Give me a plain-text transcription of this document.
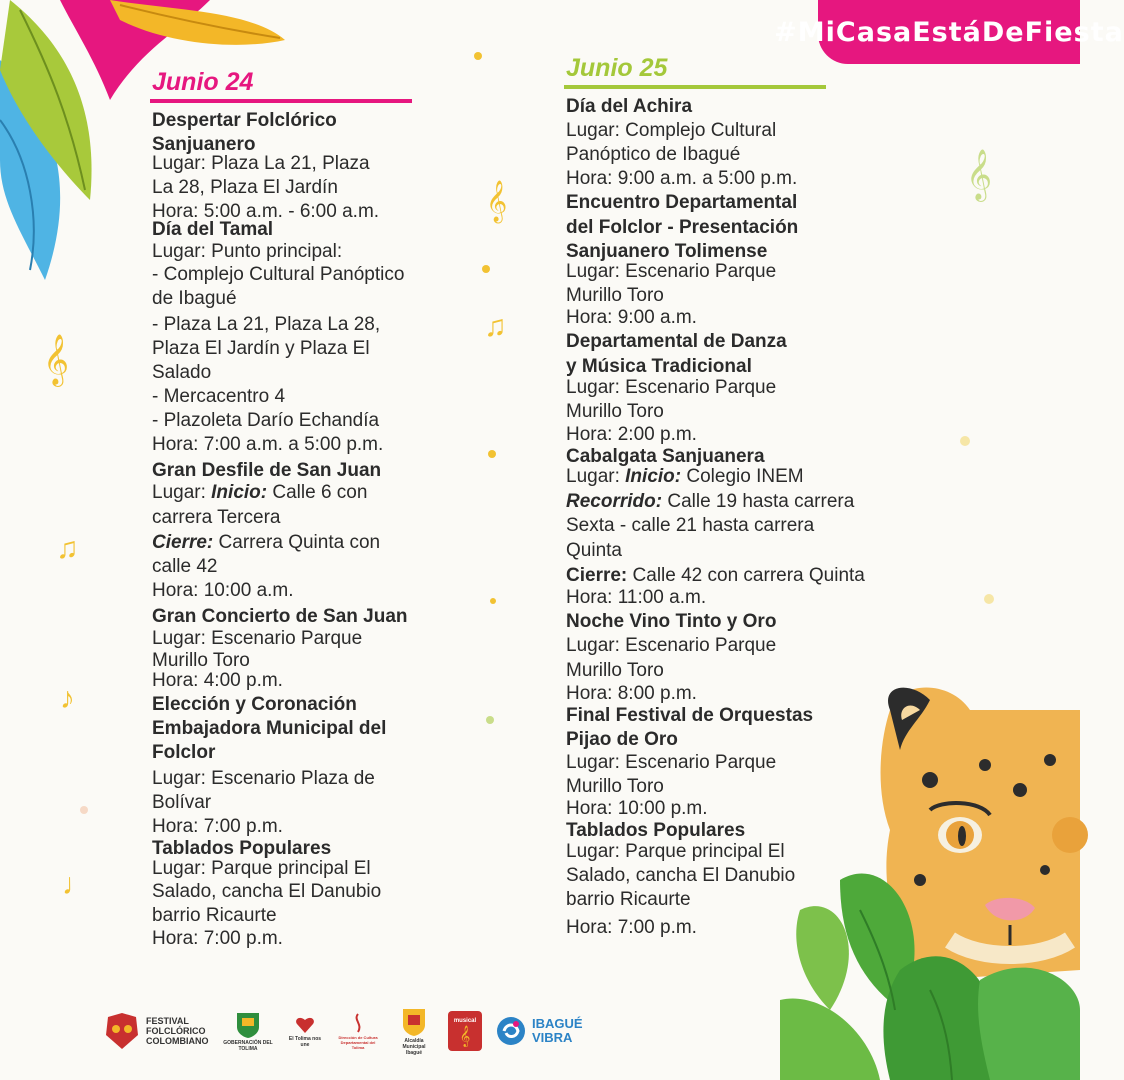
#MiCasaEstáDeFiesta
Junio 24
Despertar Folclórico
Sanjuanero
Lugar: Plaza La 21, Plaza
La 28, Plaza El Jardín
Hora: 5:00 a.m. - 6:00 a.m.
Día del Tamal
Lugar: Punto principal:
- Complejo Cultural Panóptico
de Ibagué
- Plaza La 21, Plaza La 28,
Plaza El Jardín y Plaza El
Salado
- Mercacentro 4
- Plazoleta Darío Echandía
Hora: 7:00 a.m. a 5:00 p.m.
Gran Desfile de San Juan
Lugar: Inicio: Calle 6 con
carrera Tercera
Cierre: Carrera Quinta con
calle 42
Hora: 10:00 a.m.
Gran Concierto de San Juan
Lugar: Escenario Parque
Murillo Toro
Hora: 4:00 p.m.
Elección y Coronación
Embajadora Municipal del
Folclor
Lugar: Escenario Plaza de
Bolívar
Hora: 7:00 p.m.
Tablados Populares
Lugar: Parque principal El
Salado, cancha El Danubio
barrio Ricaurte
Hora: 7:00 p.m.
Junio 25
Día del Achira
Lugar: Complejo Cultural
Panóptico de Ibagué
Hora: 9:00 a.m. a 5:00 p.m.
Encuentro Departamental
del Folclor - Presentación
Sanjuanero Tolimense
Lugar: Escenario Parque
Murillo Toro
Hora: 9:00 a.m.
Departamental de Danza
y Música Tradicional
Lugar: Escenario Parque
Murillo Toro
Hora: 2:00 p.m.
Cabalgata Sanjuanera
Lugar: Inicio: Colegio INEM
Recorrido: Calle 19 hasta carrera
Sexta - calle 21 hasta carrera
Quinta
Cierre: Calle 42 con carrera Quinta
Hora: 11:00 a.m.
Noche Vino Tinto y Oro
Lugar: Escenario Parque
Murillo Toro
Hora: 8:00 p.m.
Final Festival de Orquestas
Pijao de Oro
Lugar: Escenario Parque
Murillo Toro
Hora: 10:00 p.m.
Tablados Populares
Lugar: Parque principal El
Salado, cancha El Danubio
barrio Ricaurte
Hora: 7:00 p.m.
𝄞
♫
♪
♩
𝄞
♫
𝄞
FESTIVAL FOLCLÓRICO COLOMBIANO	GOBERNACIÓN DEL TOLIMA
El Tolima nos une
Dirección de Cultura Departamental del Tolima
Alcaldía Municipal Ibagué
musical
𝄞
IBAGUÉ VIBRA
